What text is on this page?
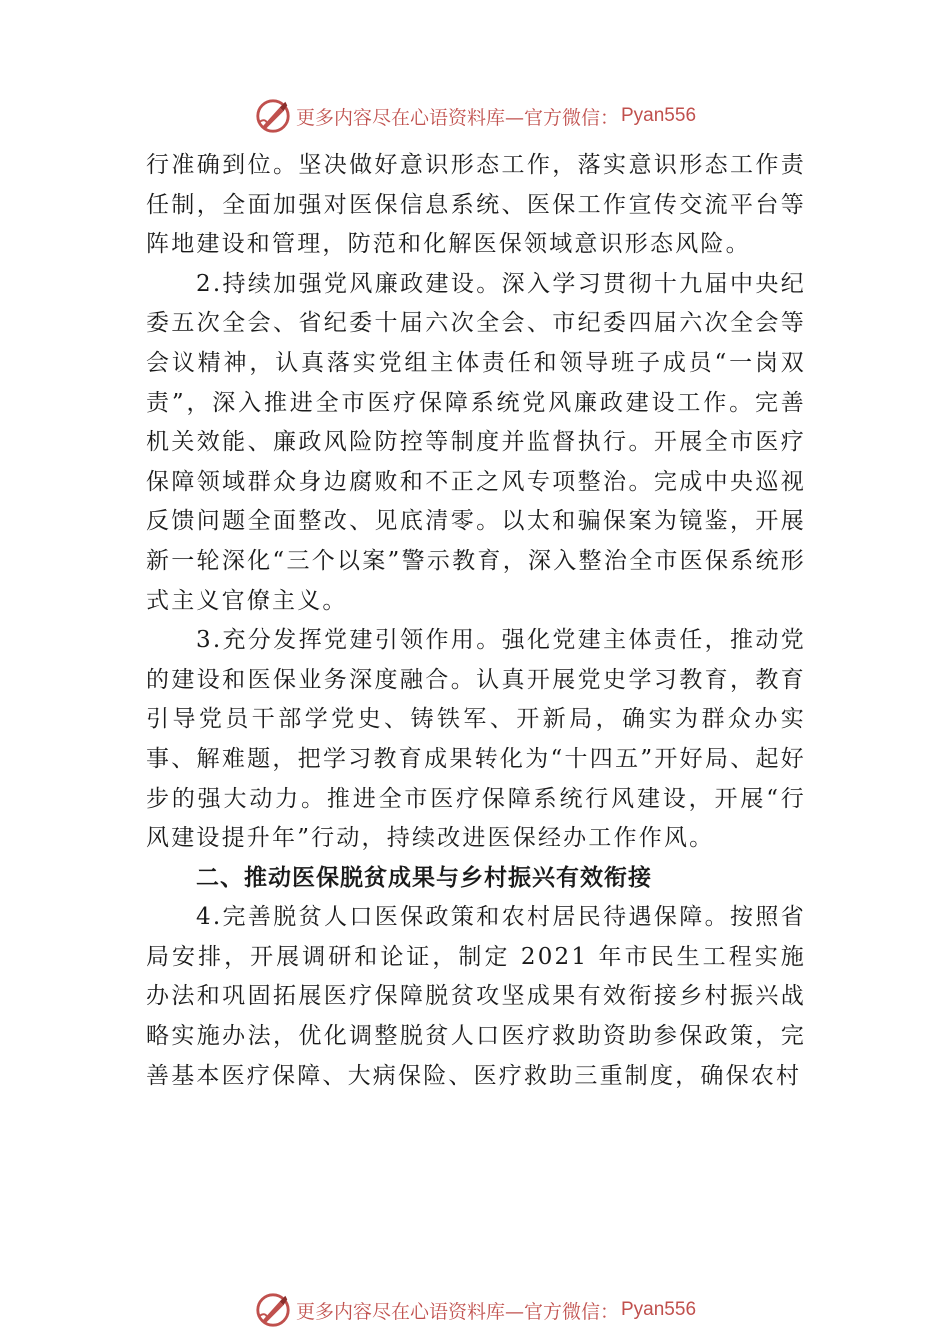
更多内容尽在心语资料库 —官方微信： Pyan556

行准确到位。坚决做好意识形态工作，落实意识形态工作责任制，全面加强对医保信息系统、医保工作宣传交流平台等阵地建设和管理，防范和化解医保领域意识形态风险。

2.持续加强党风廉政建设。深入学习贯彻十九届中央纪委五次全会、省纪委十届六次全会、市纪委四届六次全会等会议精神，认真落实党组主体责任和领导班子成员“一岗双责”，深入推进全市医疗保障系统党风廉政建设工作。完善机关效能、廉政风险防控等制度并监督执行。开展全市医疗保障领域群众身边腐败和不正之风专项整治。完成中央巡视反馈问题全面整改、见底清零。以太和骗保案为镜鉴，开展新一轮深化“三个以案”警示教育，深入整治全市医保系统形式主义官僚主义。

3.充分发挥党建引领作用。强化党建主体责任，推动党的建设和医保业务深度融合。认真开展党史学习教育，教育引导党员干部学党史、铸铁军、开新局，确实为群众办实事、解难题，把学习教育成果转化为“十四五”开好局、起好步的强大动力。推进全市医疗保障系统行风建设，开展“行风建设提升年”行动，持续改进医保经办工作作风。

二、推动医保脱贫成果与乡村振兴有效衔接

4.完善脱贫人口医保政策和农村居民待遇保障。按照省局安排，开展调研和论证，制定 2021 年市民生工程实施办法和巩固拓展医疗保障脱贫攻坚成果有效衔接乡村振兴战略实施办法，优化调整脱贫人口医疗救助资助参保政策，完善基本医疗保障、大病保险、医疗救助三重制度，确保农村

更多内容尽在心语资料库 —官方微信： Pyan556
